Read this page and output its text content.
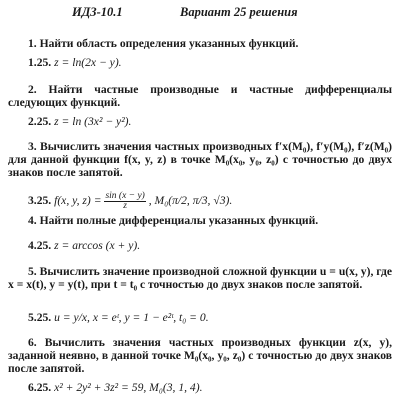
ИДЗ-10.1	Вариант 25 решения
1. Найти область определения указанных функций.
1.25. z = ln(2x − y).
2. Найти частные производные и частные дифференциалы следующих функций.
2.25. z = ln (3x² − y²).
3. Вычислить значения частных производных f′x(M₀), f′y(M₀), f′z(M₀) для данной функции f(x, y, z) в точке M₀(x₀, y₀, z₀) с точностью до двух знаков после запятой.
3.25. f(x, y, $z) = \frac{\sin (x - y)}{z}$ , M₀(π/2, π/3, √3).
4. Найти полные дифференциалы указанных функций.
4.25. z = arccos (x + y).
5. Вычислить значение производной сложной функции u = u(x, y), где x = x(t), y = y(t), при t = t₀ с точностью до двух знаков после запятой.
5.25. u = y/x, x = eᵗ, y = 1 − e²ᵗ, t₀ = 0.
6. Вычислить значения частных производных функции z(x, y), заданной неявно, в данной точке M₀(x₀, y₀, z₀) с точностью до двух знаков после запятой.
6.25. x² + 2y² + 3z² = 59, M₀(3, 1, 4).
